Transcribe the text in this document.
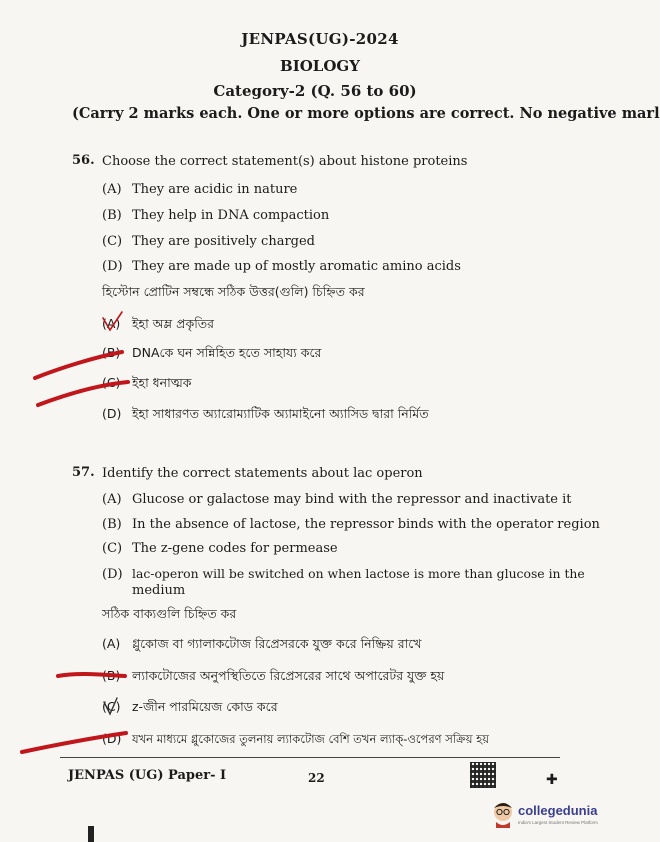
JENPAS(UG)-2024
BIOLOGY
Category-2 (Q. 56 to 60)
(Carry 2 marks each. One or more options are correct. No negative marl
56. Choose the correct statement(s) about histone proteins
(A) They are acidic in nature
(B) They help in DNA compaction
(C) They are positively charged
(D) They are made up of mostly aromatic amino acids
হিস্টোন প্রোটিন সম্বন্ধে সঠিক উত্তর(গুলি) চিহ্নিত কর
(A) ইহা অম্ল প্রকৃতির
(B) DNAকে ঘন সন্নিহিত হতে সাহায্য করে
(C) ইহা ধনাত্মক
(D) ইহা সাধারণত অ্যারোম্যাটিক অ্যামাইনো অ্যাসিড দ্বারা নির্মিত
57. Identify the correct statements about lac operon
(A) Glucose or galactose may bind with the repressor and inactivate it
(B) In the absence of lactose, the repressor binds with the operator region
(C) The z-gene codes for permease
(D) lac-operon will be switched on when lactose is more than glucose in the
medium
সঠিক বাক্যগুলি চিহ্নিত কর
(A) গ্লুকোজ বা গ্যালাকটোজ রিপ্রেসরকে যুক্ত করে নিষ্ক্রিয় রাখে
(B) ল্যাকটোজের অনুপস্থিতিতে রিপ্রেসরের সাথে অপারেটর যুক্ত হয়
(C) z-জীন পারমিয়েজ কোড করে
(D) যখন মাধ্যমে গ্লুকোজের তুলনায় ল্যাকটোজ বেশি তখন ল্যাক্-ওপেরণ সক্রিয় হয়
JENPAS (UG) Paper- I	22	✚
collegedunia
India's Largest Student Review Platform
